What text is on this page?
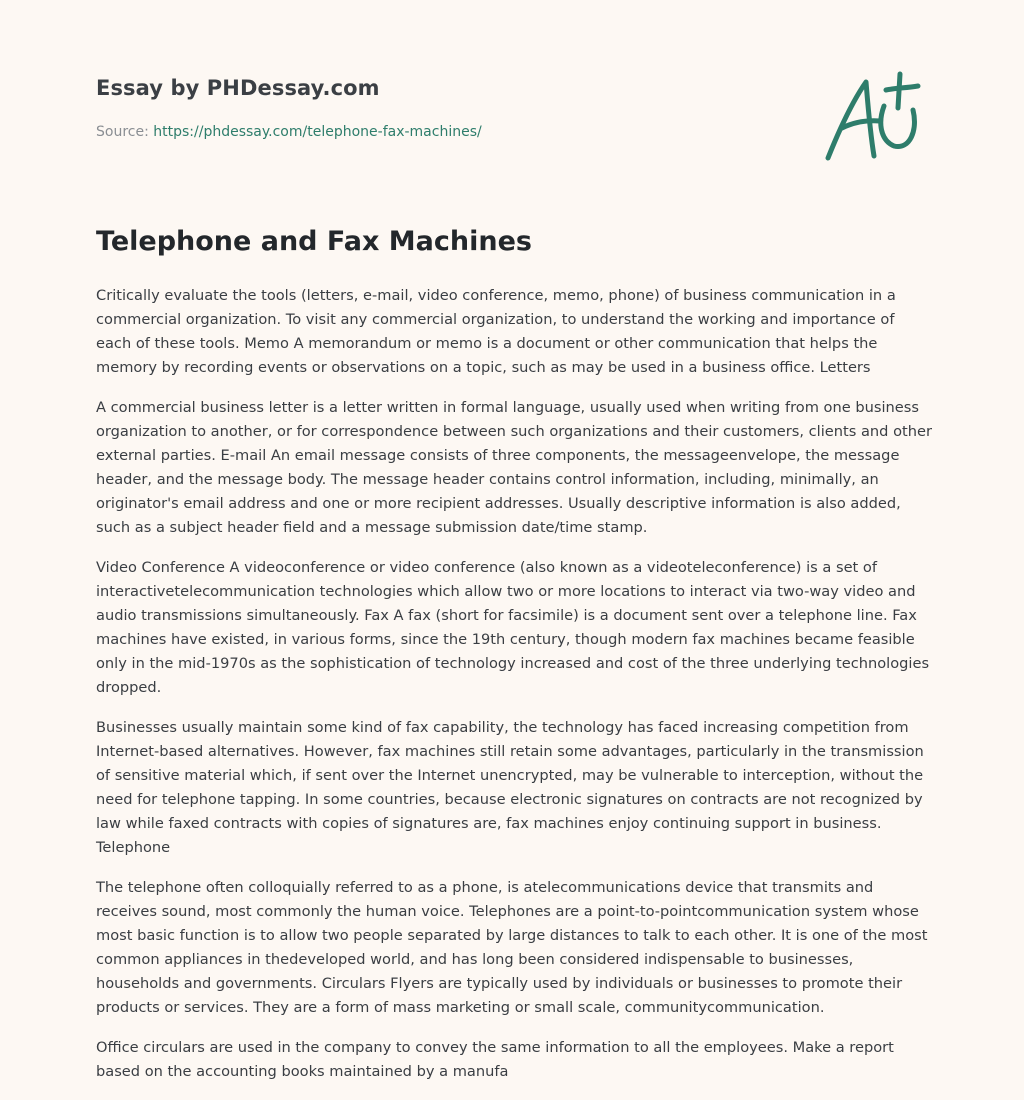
Essay by PHDessay.com
Source: https://phdessay.com/telephone-fax-machines/
Telephone and Fax Machines

Critically evaluate the tools (letters, e-mail, video conference, memo, phone) of business communication in a commercial organization. To visit any commercial organization, to understand the working and importance of each of these tools. Memo A memorandum or memo is a document or other communication that helps the memory by recording events or observations on a topic, such as may be used in a business office. Letters

A commercial business letter is a letter written in formal language, usually used when writing from one business organization to another, or for correspondence between such organizations and their customers, clients and other external parties. E-mail An email message consists of three components, the messageenvelope, the message header, and the message body. The message header contains control information, including, minimally, an originator's email address and one or more recipient addresses. Usually descriptive information is also added, such as a subject header field and a message submission date/time stamp.

Video Conference A videoconference or video conference (also known as a videoteleconference) is a set of interactivetelecommunication technologies which allow two or more locations to interact via two-way video and audio transmissions simultaneously. Fax A fax (short for facsimile) is a document sent over a telephone line. Fax machines have existed, in various forms, since the 19th century, though modern fax machines became feasible only in the mid-1970s as the sophistication of technology increased and cost of the three underlying technologies dropped.

Businesses usually maintain some kind of fax capability, the technology has faced increasing competition from Internet-based alternatives. However, fax machines still retain some advantages, particularly in the transmission of sensitive material which, if sent over the Internet unencrypted, may be vulnerable to interception, without the need for telephone tapping. In some countries, because electronic signatures on contracts are not recognized by law while faxed contracts with copies of signatures are, fax machines enjoy continuing support in business. Telephone

The telephone often colloquially referred to as a phone, is atelecommunications device that transmits and receives sound, most commonly the human voice. Telephones are a point-to-pointcommunication system whose most basic function is to allow two people separated by large distances to talk to each other. It is one of the most common appliances in thedeveloped world, and has long been considered indispensable to businesses, households and governments. Circulars Flyers are typically used by individuals or businesses to promote their products or services. They are a form of mass marketing or small scale, communitycommunication.

Office circulars are used in the company to convey the same information to all the employees. Make a report based on the accounting books maintained by a manufa
